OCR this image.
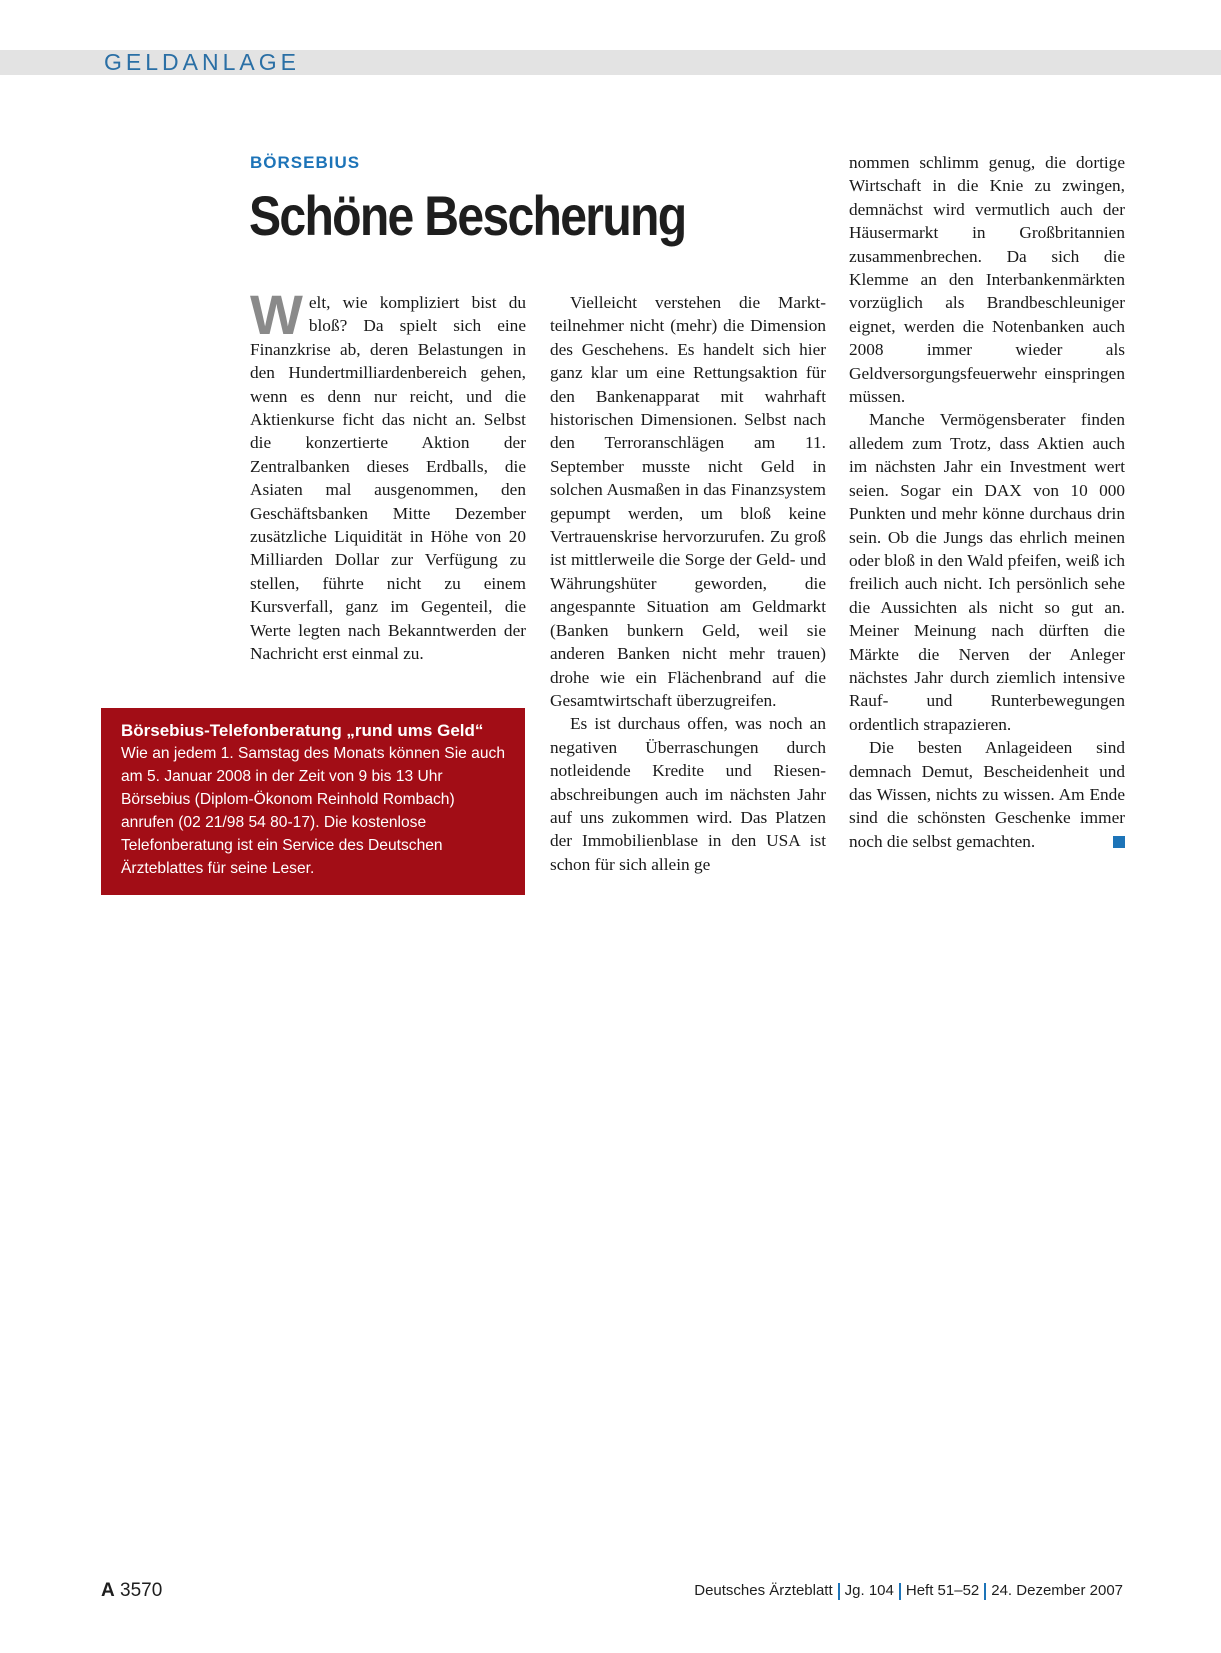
GELDANLAGE
BÖRSEBIUS
Schöne Bescherung
W elt, wie kompliziert bist du bloß? Da spielt sich eine Finanzkrise ab, deren Belastungen in den Hundertmilliardenbereich gehen, wenn es denn nur reicht, und die Aktienkurse ficht das nicht an. Selbst die konzertierte Aktion der Zentralbanken dieses Erdballs, die Asiaten mal ausgenommen, den Geschäftsbanken Mitte Dezember zusätzliche Liquidität in Höhe von 20 Milliarden Dollar zur Verfügung zu stellen, führte nicht zu einem Kursverfall, ganz im Gegenteil, die Werte legten nach Bekanntwerden der Nachricht erst einmal zu.

Vielleicht verstehen die Marktteilnehmer nicht (mehr) die Dimension des Geschehens. Es handelt sich hier ganz klar um eine Rettungsaktion für den Bankenapparat mit wahrhaft historischen Dimensionen. Selbst nach den Terroranschlägen am 11. September musste nicht Geld in solchen Ausmaßen in das Finanzsystem gepumpt werden, um bloß keine Vertrauenskrise hervorzurufen. Zu groß ist mittlerweile die Sorge der Geld- und Währungshüter geworden, die angespannte Situation am Geldmarkt (Banken bunkern Geld, weil sie anderen Banken nicht mehr trauen) drohe wie ein Flächenbrand auf die Gesamtwirtschaft überzugreifen.

Es ist durchaus offen, was noch an negativen Überraschungen durch notleidende Kredite und Riesenabschreibungen auch im nächsten Jahr auf uns zukommen wird. Das Platzen der Immobilienblase in den USA ist schon für sich allein ge

nommen schlimm genug, die dortige Wirtschaft in die Knie zu zwingen, demnächst wird vermutlich auch der Häusermarkt in Großbritannien zusammenbrechen. Da sich die Klemme an den Interbankenmärkten vorzüglich als Brandbeschleuniger eignet, werden die Notenbanken auch 2008 immer wieder als Geldversorgungsfeuerwehr einspringen müssen.

Manche Vermögensberater finden alledem zum Trotz, dass Aktien auch im nächsten Jahr ein Investment wert seien. Sogar ein DAX von 10 000 Punkten und mehr könne durchaus drin sein. Ob die Jungs das ehrlich meinen oder bloß in den Wald pfeifen, weiß ich freilich auch nicht. Ich persönlich sehe die Aussichten als nicht so gut an. Meiner Meinung nach dürften die Märkte die Nerven der Anleger nächstes Jahr durch ziemlich intensive Rauf- und Runterbewegungen ordentlich strapazieren.

Die besten Anlageideen sind demnach Demut, Bescheidenheit und das Wissen, nichts zu wissen. Am Ende sind die schönsten Geschenke immer noch die selbst gemachten.

Börsebius-Telefonberatung „rund ums Geld“
Wie an jedem 1. Samstag des Monats können Sie auch am 5. Januar 2008 in der Zeit von 9 bis 13 Uhr Börsebius (Diplom-Ökonom Reinhold Rombach) anrufen (02 21/98 54 80-17). Die kostenlose Telefonberatung ist ein Service des Deutschen Ärzteblattes für seine Leser.
A 3570	Deutsches Ärzteblatt Jg. 104 Heft 51–52 24. Dezember 2007
